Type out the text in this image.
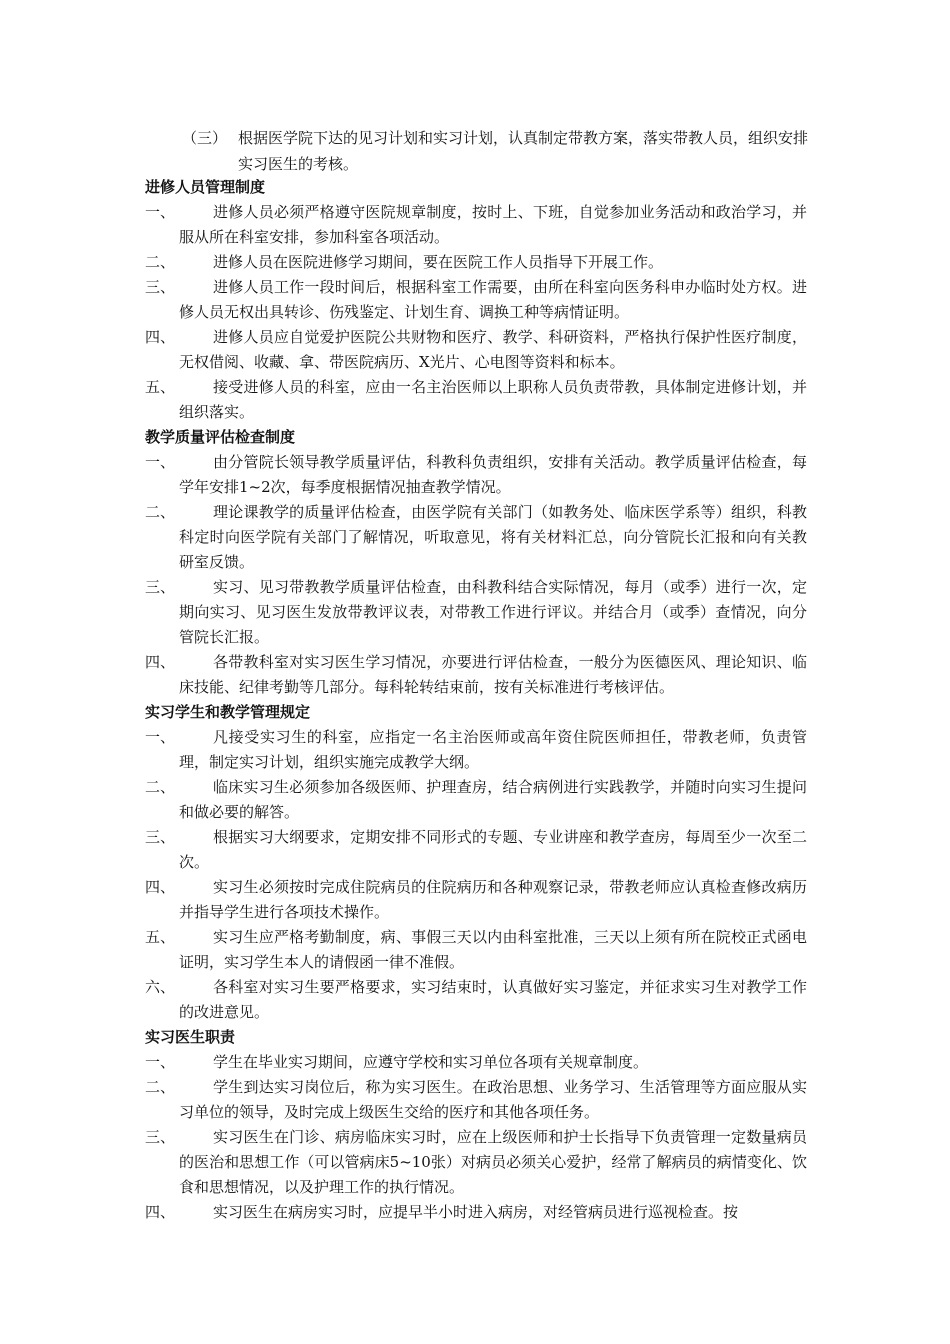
（三） 根据医学院下达的见习计划和实习计划，认真制定带教方案，落实带教人员，组织安排实习医生的考核。
进修人员管理制度
一、	进修人员必须严格遵守医院规章制度，按时上、下班，自觉参加业务活动和政治学习，并服从所在科室安排，参加科室各项活动。
二、	进修人员在医院进修学习期间，要在医院工作人员指导下开展工作。
三、	进修人员工作一段时间后，根据科室工作需要，由所在科室向医务科申办临时处方权。进修人员无权出具转诊、伤残鉴定、计划生育、调换工种等病情证明。
四、	进修人员应自觉爱护医院公共财物和医疗、教学、科研资料，严格执行保护性医疗制度，无权借阅、收藏、拿、带医院病历、X光片、心电图等资料和标本。
五、	接受进修人员的科室，应由一名主治医师以上职称人员负责带教，具体制定进修计划，并组织落实。
教学质量评估检查制度
一、	由分管院长领导教学质量评估，科教科负责组织，安排有关活动。教学质量评估检查，每学年安排1~2次，每季度根据情况抽查教学情况。
二、	理论课教学的质量评估检查，由医学院有关部门（如教务处、临床医学系等）组织，科教科定时向医学院有关部门了解情况，听取意见，将有关材料汇总，向分管院长汇报和向有关教研室反馈。
三、	实习、见习带教教学质量评估检查，由科教科结合实际情况，每月（或季）进行一次，定期向实习、见习医生发放带教评议表，对带教工作进行评议。并结合月（或季）查情况，向分管院长汇报。
四、	各带教科室对实习医生学习情况，亦要进行评估检查，一般分为医德医风、理论知识、临床技能、纪律考勤等几部分。每科轮转结束前，按有关标准进行考核评估。
实习学生和教学管理规定
一、	凡接受实习生的科室，应指定一名主治医师或高年资住院医师担任，带教老师，负责管理，制定实习计划，组织实施完成教学大纲。
二、	临床实习生必须参加各级医师、护理查房，结合病例进行实践教学，并随时向实习生提问和做必要的解答。
三、	根据实习大纲要求，定期安排不同形式的专题、专业讲座和教学查房，每周至少一次至二次。
四、	实习生必须按时完成住院病员的住院病历和各种观察记录，带教老师应认真检查修改病历并指导学生进行各项技术操作。
五、	实习生应严格考勤制度，病、事假三天以内由科室批准，三天以上须有所在院校正式函电证明，实习学生本人的请假函一律不准假。
六、	各科室对实习生要严格要求，实习结束时，认真做好实习鉴定，并征求实习生对教学工作的改进意见。
实习医生职责
一、	学生在毕业实习期间，应遵守学校和实习单位各项有关规章制度。
二、	学生到达实习岗位后，称为实习医生。在政治思想、业务学习、生活管理等方面应服从实习单位的领导，及时完成上级医生交给的医疗和其他各项任务。
三、	实习医生在门诊、病房临床实习时，应在上级医师和护士长指导下负责管理一定数量病员的医治和思想工作（可以管病床5~10张）对病员必须关心爱护，经常了解病员的病情变化、饮食和思想情况，以及护理工作的执行情况。
四、	实习医生在病房实习时，应提早半小时进入病房，对经管病员进行巡视检查。按
